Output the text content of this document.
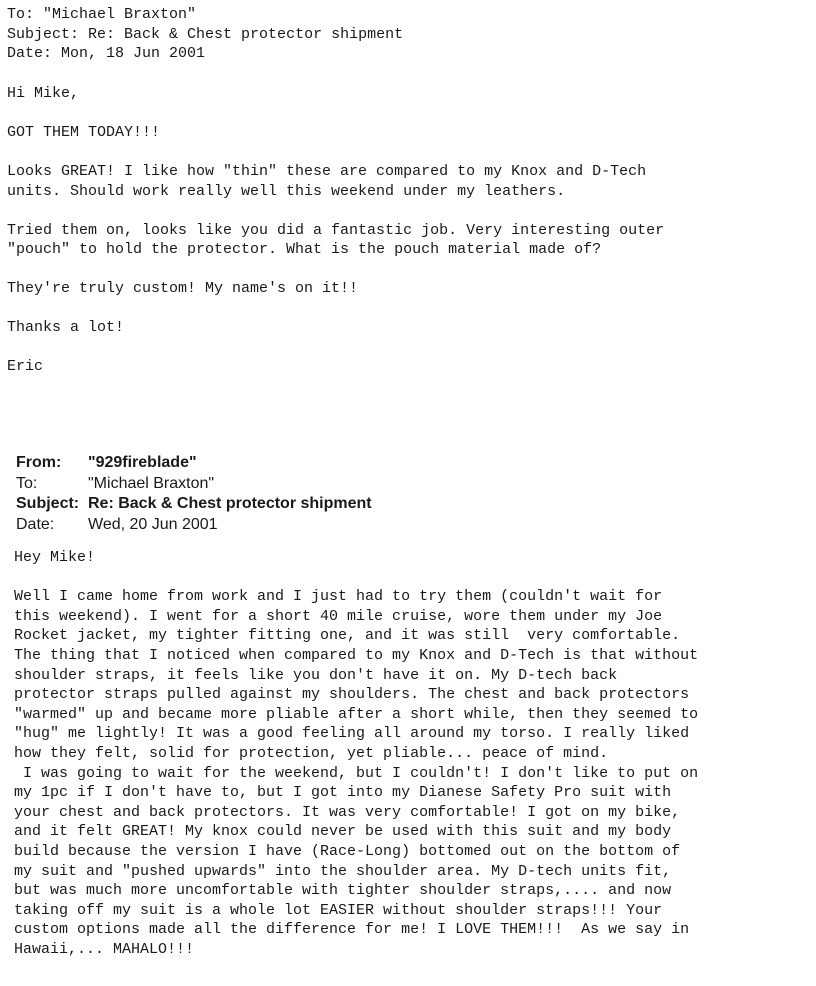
To: "Michael Braxton"
Subject: Re: Back & Chest protector shipment
Date: Mon, 18 Jun 2001
Hi Mike,

GOT THEM TODAY!!!

Looks GREAT! I like how "thin" these are compared to my Knox and D-Tech
units. Should work really well this weekend under my leathers.

Tried them on, looks like you did a fantastic job. Very interesting outer
"pouch" to hold the protector. What is the pouch material made of?

They're truly custom! My name's on it!!

Thanks a lot!

Eric
From:	"929fireblade"
To:	"Michael Braxton"
Subject: Re: Back & Chest protector shipment
Date:	Wed, 20 Jun 2001
Hey Mike!

Well I came home from work and I just had to try them (couldn't wait for
this weekend). I went for a short 40 mile cruise, wore them under my Joe
Rocket jacket, my tighter fitting one, and it was still  very comfortable.
The thing that I noticed when compared to my Knox and D-Tech is that without
shoulder straps, it feels like you don't have it on. My D-tech back
protector straps pulled against my shoulders. The chest and back protectors
"warmed" up and became more pliable after a short while, then they seemed to
"hug" me lightly! It was a good feeling all around my torso. I really liked
how they felt, solid for protection, yet pliable... peace of mind.
I was going to wait for the weekend, but I couldn't! I don't like to put on
my 1pc if I don't have to, but I got into my Dianese Safety Pro suit with
your chest and back protectors. It was very comfortable! I got on my bike,
and it felt GREAT! My knox could never be used with this suit and my body
build because the version I have (Race-Long) bottomed out on the bottom of
my suit and "pushed upwards" into the shoulder area. My D-tech units fit,
but was much more uncomfortable with tighter shoulder straps,.... and now
taking off my suit is a whole lot EASIER without shoulder straps!!! Your
custom options made all the difference for me! I LOVE THEM!!!  As we say in
Hawaii,... MAHALO!!!
